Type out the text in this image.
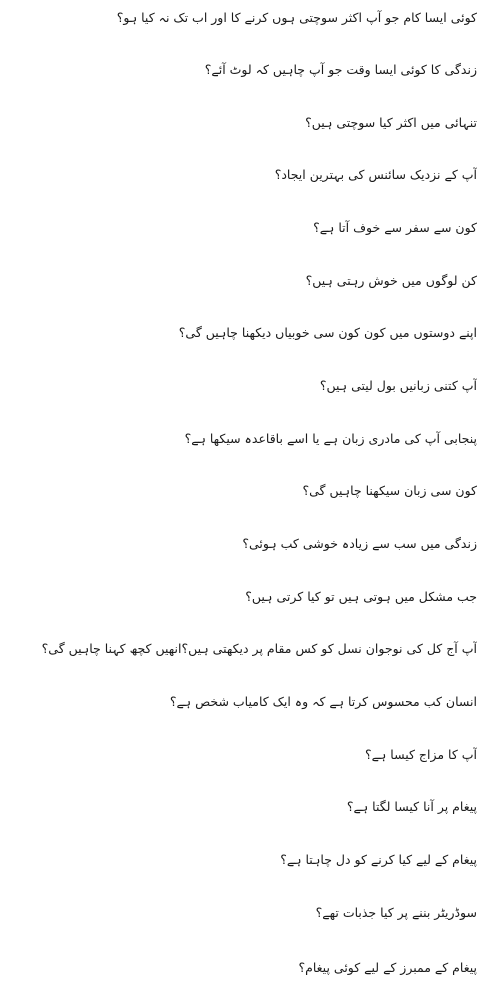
کوئی ایسا کام جو آپ اکثر سوچتی ہوں کرنے کا اور اب تک نہ کیا ہو؟
زندگی کا کوئی ایسا وقت جو آپ چاہیں کہ لوٹ آئے؟
تنہائی میں اکثر کیا سوچتی ہیں؟
آپ کے نزدیک سائنس کی بہترین ایجاد؟
کون سے سفر سے خوف آتا ہے؟
کن لوگوں میں خوش رہتی ہیں؟
اپنے دوستوں میں کون کون سی خوبیاں دیکھنا چاہیں گی؟
آپ کتنی زبانیں بول لیتی ہیں؟
پنجابی آپ کی مادری زبان ہے یا اسے باقاعدہ سیکھا ہے؟
کون سی زبان سیکھنا چاہیں گی؟
زندگی میں سب سے زیادہ خوشی کب ہوئی؟
جب مشکل میں ہوتی ہیں تو کیا کرتی ہیں؟
آپ آج کل کی نوجوان نسل کو کس مقام پر دیکھتی ہیں؟انھیں کچھ کہنا چاہیں گی؟
انسان کب محسوس کرتا ہے کہ وہ ایک کامیاب شخص ہے؟
آپ کا مزاج کیسا ہے؟
پیغام پر آنا کیسا لگتا ہے؟
پیغام کے لیے کیا کرنے کو دل چاہتا ہے؟
سوڈریٹر بننے پر کیا جذبات تھے؟
پیغام کے ممبرز کے لیے کوئی پیغام؟
